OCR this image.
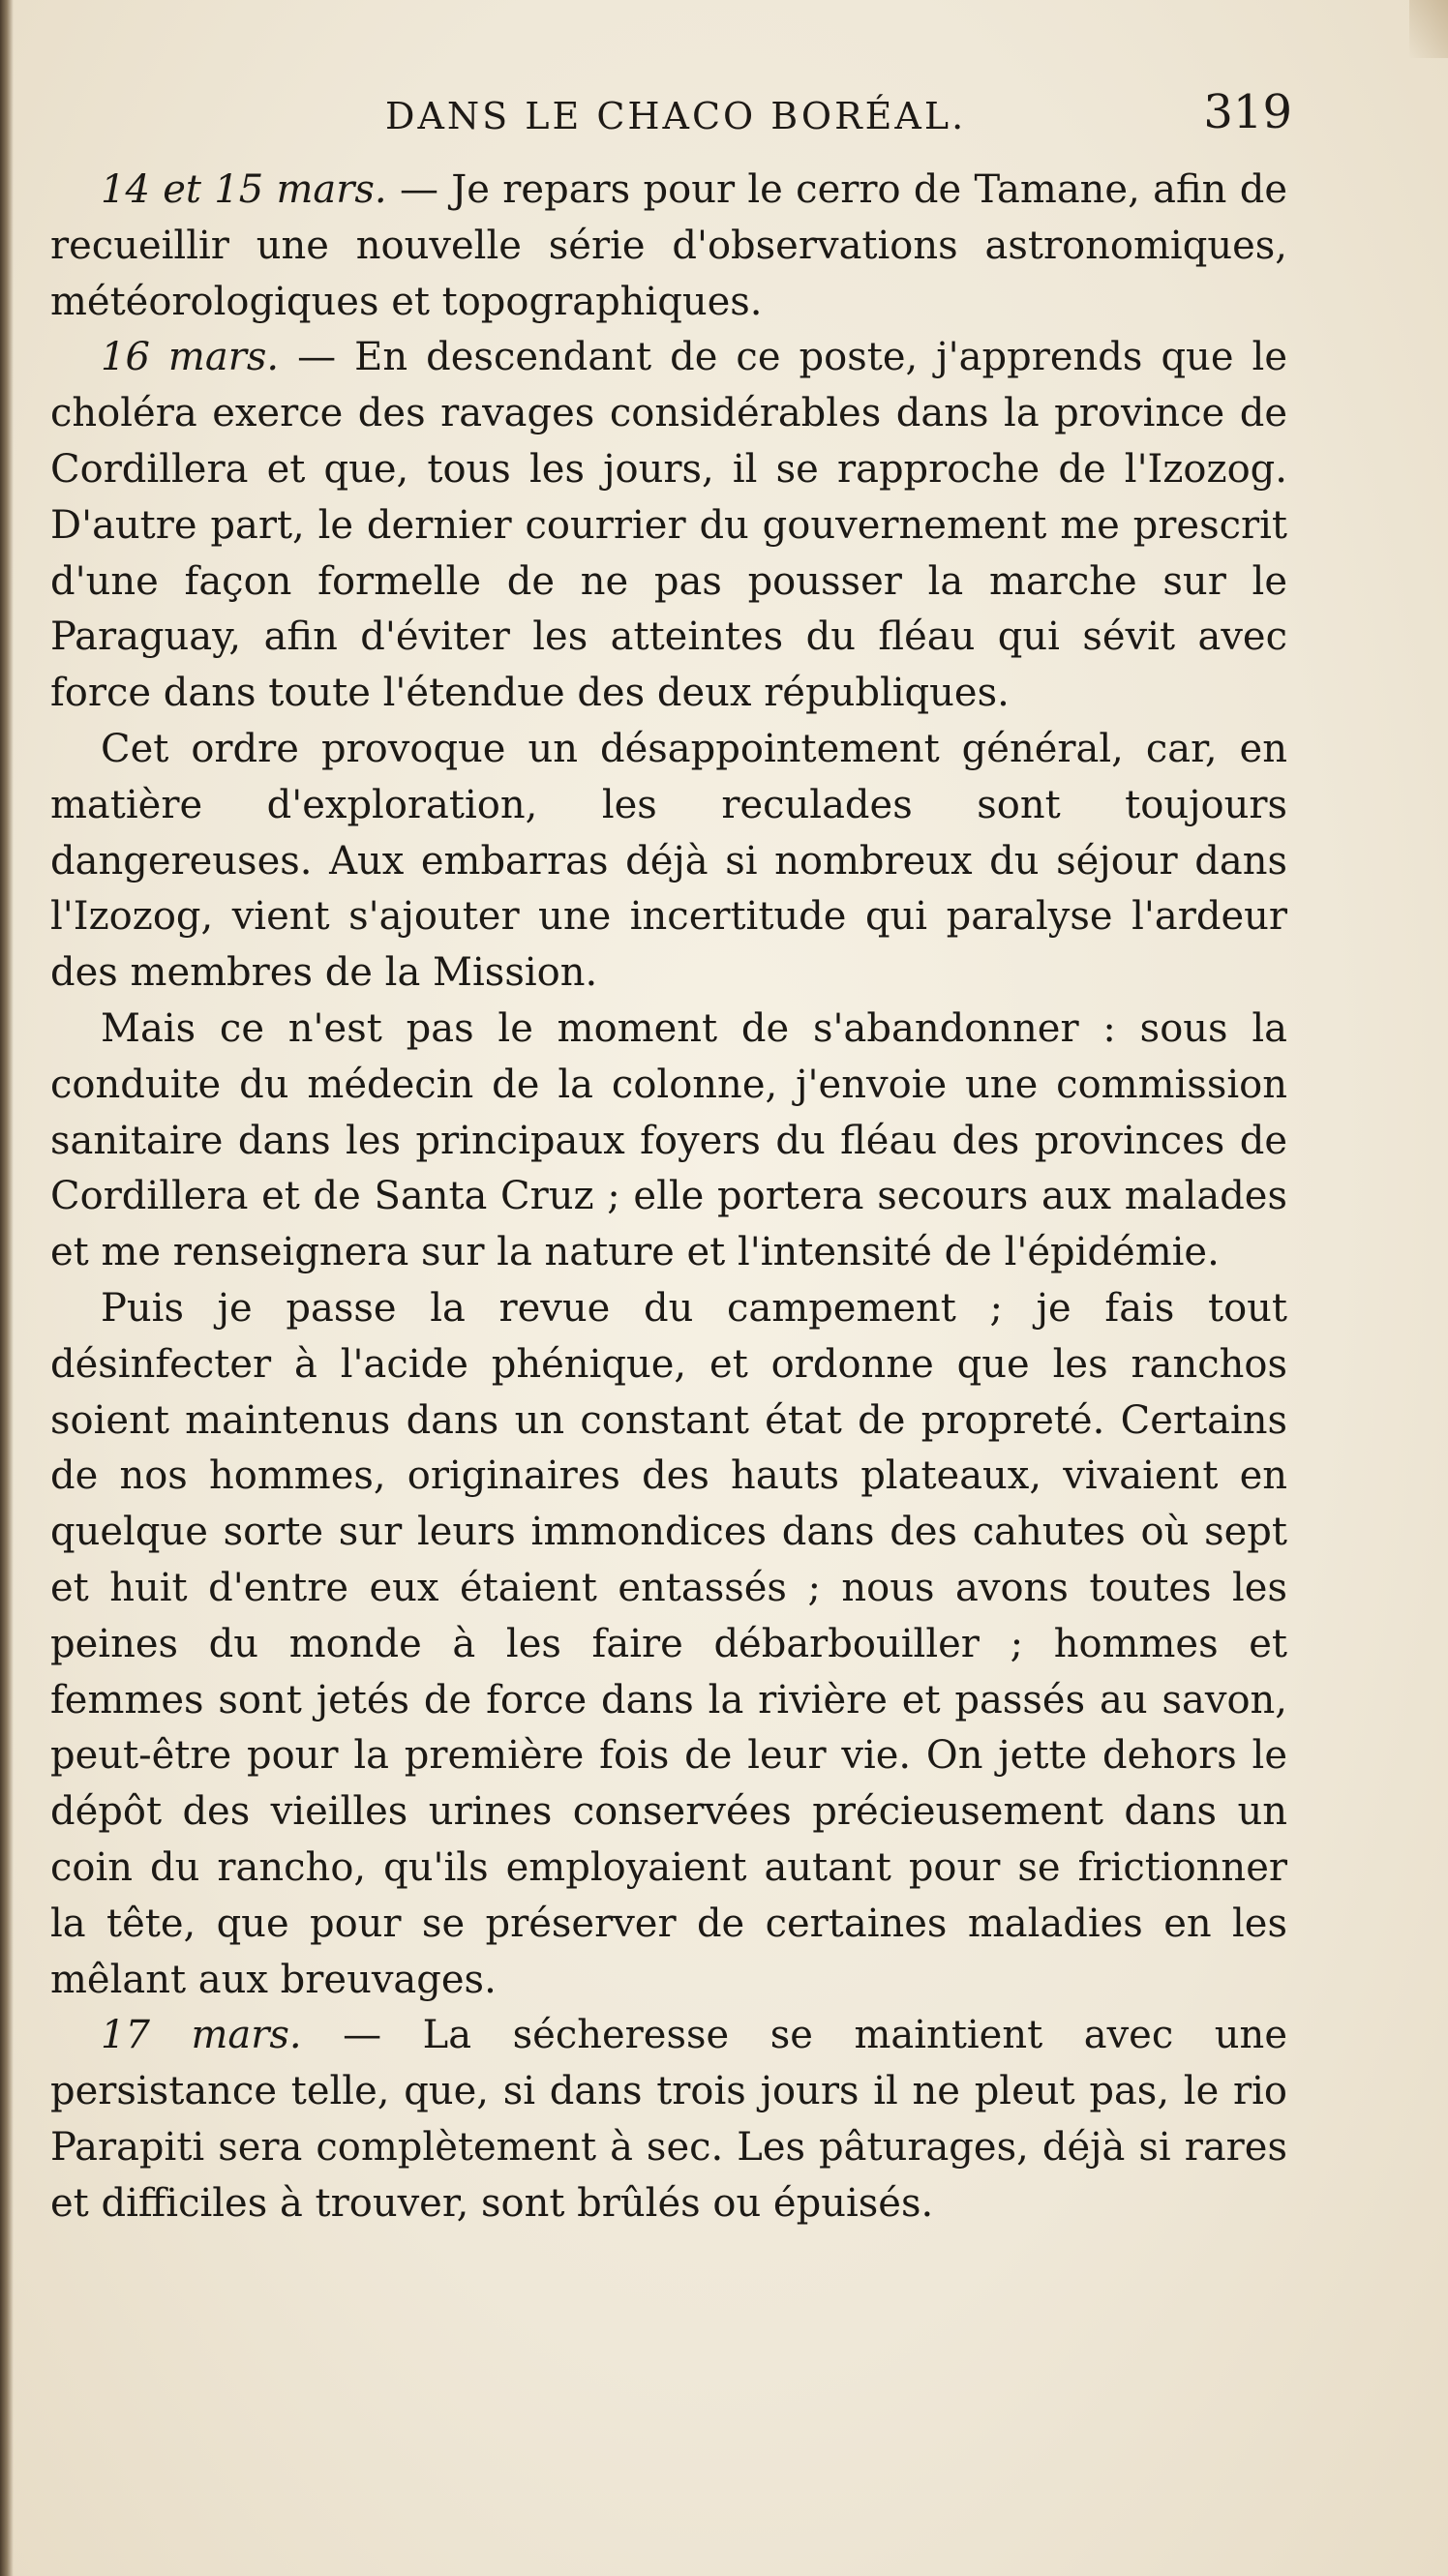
DANS LE CHACO BORÉAL.	319

14 et 15 mars. — Je repars pour le cerro de Tamane, afin de recueillir une nouvelle série d'observations astronomiques, météorologiques et topographiques.

16 mars. — En descendant de ce poste, j'apprends que le choléra exerce des ravages considérables dans la province de Cordillera et que, tous les jours, il se rapproche de l'Izozog. D'autre part, le dernier courrier du gouvernement me prescrit d'une façon formelle de ne pas pousser la marche sur le Paraguay, afin d'éviter les atteintes du fléau qui sévit avec force dans toute l'étendue des deux républiques.

Cet ordre provoque un désappointement général, car, en matière d'exploration, les reculades sont toujours dangereuses. Aux embarras déjà si nombreux du séjour dans l'Izozog, vient s'ajouter une incertitude qui paralyse l'ardeur des membres de la Mission.

Mais ce n'est pas le moment de s'abandonner : sous la conduite du médecin de la colonne, j'envoie une commission sanitaire dans les principaux foyers du fléau des provinces de Cordillera et de Santa Cruz ; elle portera secours aux malades et me renseignera sur la nature et l'intensité de l'épidémie.

Puis je passe la revue du campement ; je fais tout désinfecter à l'acide phénique, et ordonne que les ranchos soient maintenus dans un constant état de propreté. Certains de nos hommes, originaires des hauts plateaux, vivaient en quelque sorte sur leurs immondices dans des cahutes où sept et huit d'entre eux étaient entassés ; nous avons toutes les peines du monde à les faire débarbouiller ; hommes et femmes sont jetés de force dans la rivière et passés au savon, peut-être pour la première fois de leur vie. On jette dehors le dépôt des vieilles urines conservées précieusement dans un coin du rancho, qu'ils employaient autant pour se frictionner la tête, que pour se préserver de certaines maladies en les mêlant aux breuvages.

17 mars. — La sécheresse se maintient avec une persistance telle, que, si dans trois jours il ne pleut pas, le rio Parapiti sera complètement à sec. Les pâturages, déjà si rares et difficiles à trouver, sont brûlés ou épuisés.
